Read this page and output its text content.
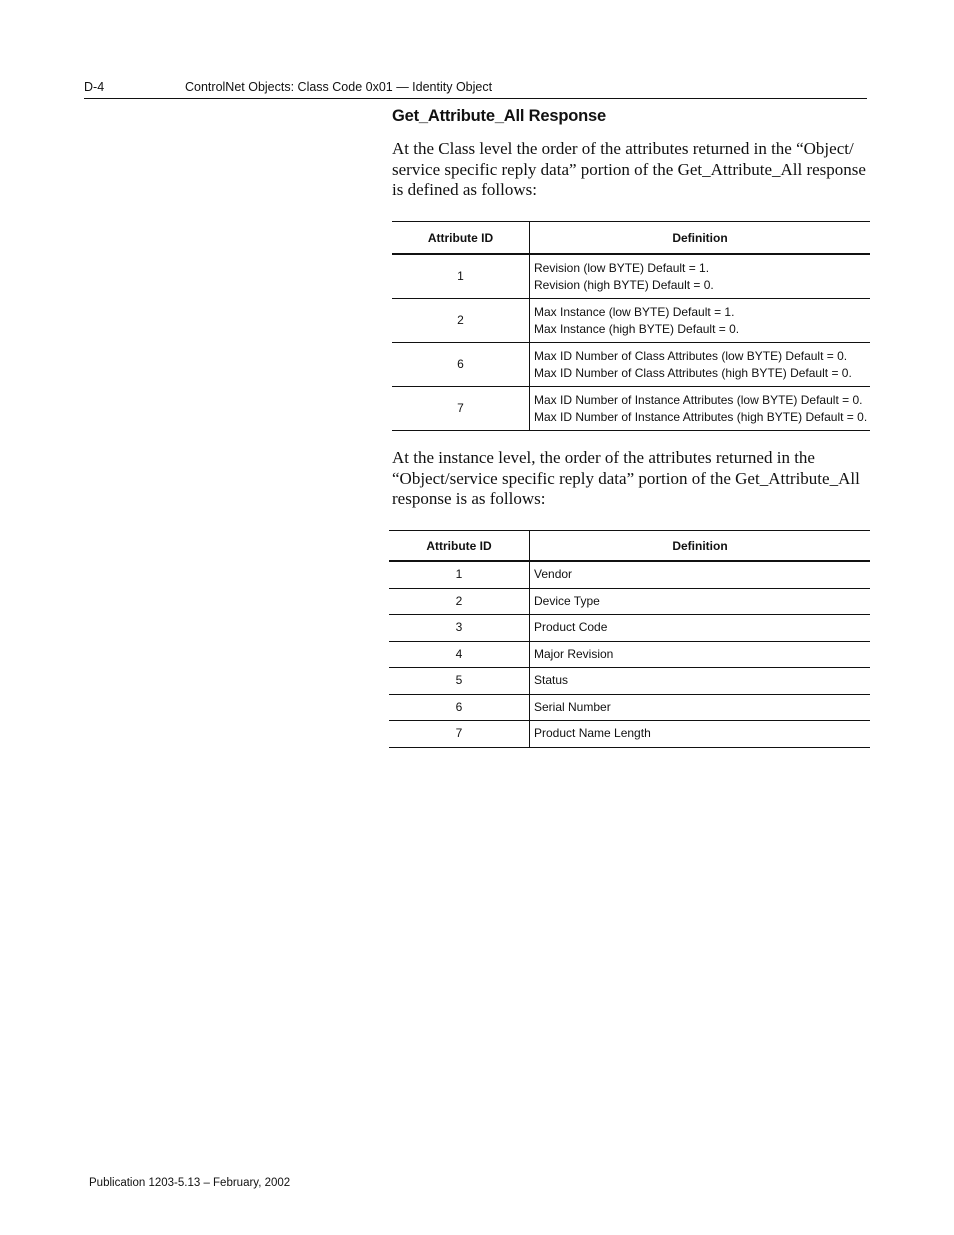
D-4	ControlNet Objects: Class Code 0x01 — Identity Object
Get_Attribute_All Response
At the Class level the order of the attributes returned in the “Object/ service specific reply data” portion of the Get_Attribute_All response is defined as follows:
Attribute ID	Definition
1	Revision (low BYTE) Default = 1.
Revision (high BYTE) Default = 0.

2	Max Instance (low BYTE) Default = 1.
Max Instance (high BYTE) Default = 0.

6	Max ID Number of Class Attributes (low BYTE) Default = 0.
Max ID Number of Class Attributes (high BYTE) Default = 0.

7	Max ID Number of Instance Attributes (low BYTE) Default = 0.
Max ID Number of Instance Attributes (high BYTE) Default = 0.
At the instance level, the order of the attributes returned in the “Object/service specific reply data” portion of the Get_Attribute_All response is as follows:
Attribute ID	Definition
1	Vendor
2	Device Type
3	Product Code
4	Major Revision
5	Status
6	Serial Number
7	Product Name Length
Publication 1203-5.13 – February, 2002
